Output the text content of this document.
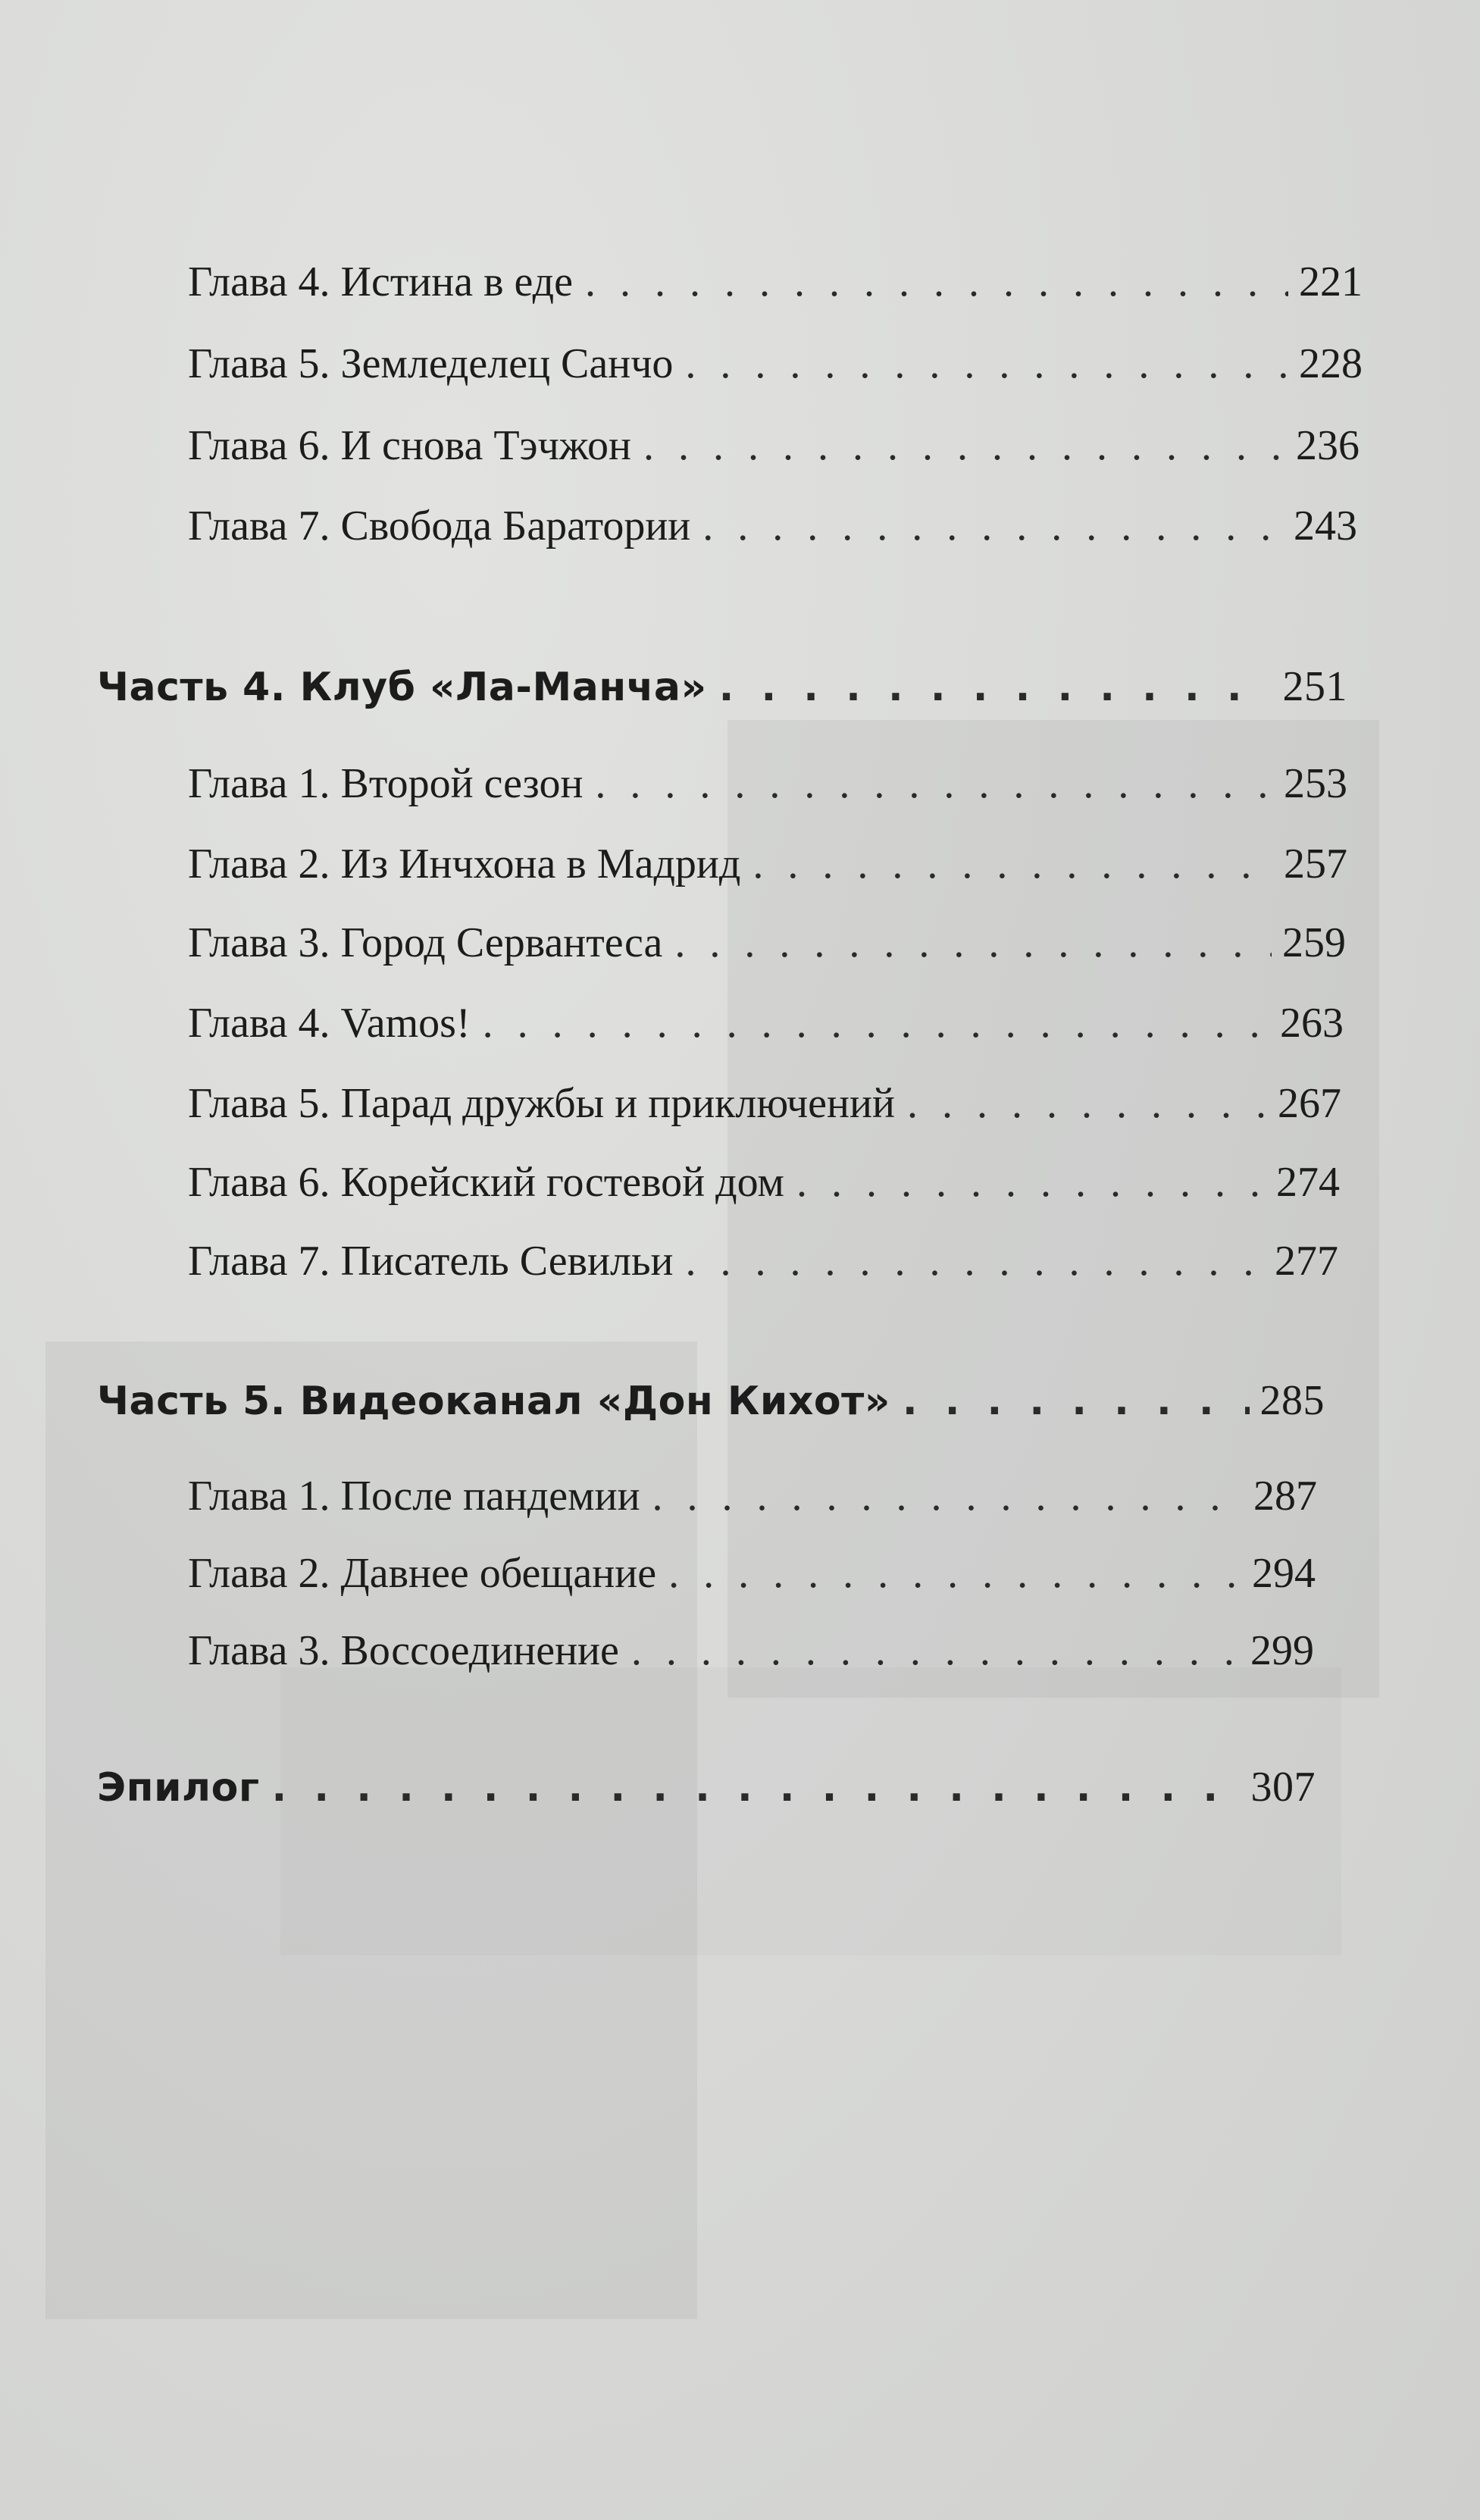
Глава 4. Истина в еде . . .	221
Глава 5. Земледелец Санчо . . .	228
Глава 6. И снова Тэчжон . . .	236
Глава 7. Свобода Баратории . . .	243
Часть 4. Клуб «Ла-Манча» . . .	251
Глава 1. Второй сезон . . .	253
Глава 2. Из Инчхона в Мадрид . . .	257
Глава 3. Город Сервантеса . . .	259
Глава 4. Vamos! . . .	263
Глава 5. Парад дружбы и приключений . . .	267
Глава 6. Корейский гостевой дом . . .	274
Глава 7. Писатель Севильи . . .	277
Часть 5. Видеоканал «Дон Кихот» . . .	285
Глава 1. После пандемии . . .	287
Глава 2. Давнее обещание . . .	294
Глава 3. Воссоединение . . .	299
Эпилог . . .	307
